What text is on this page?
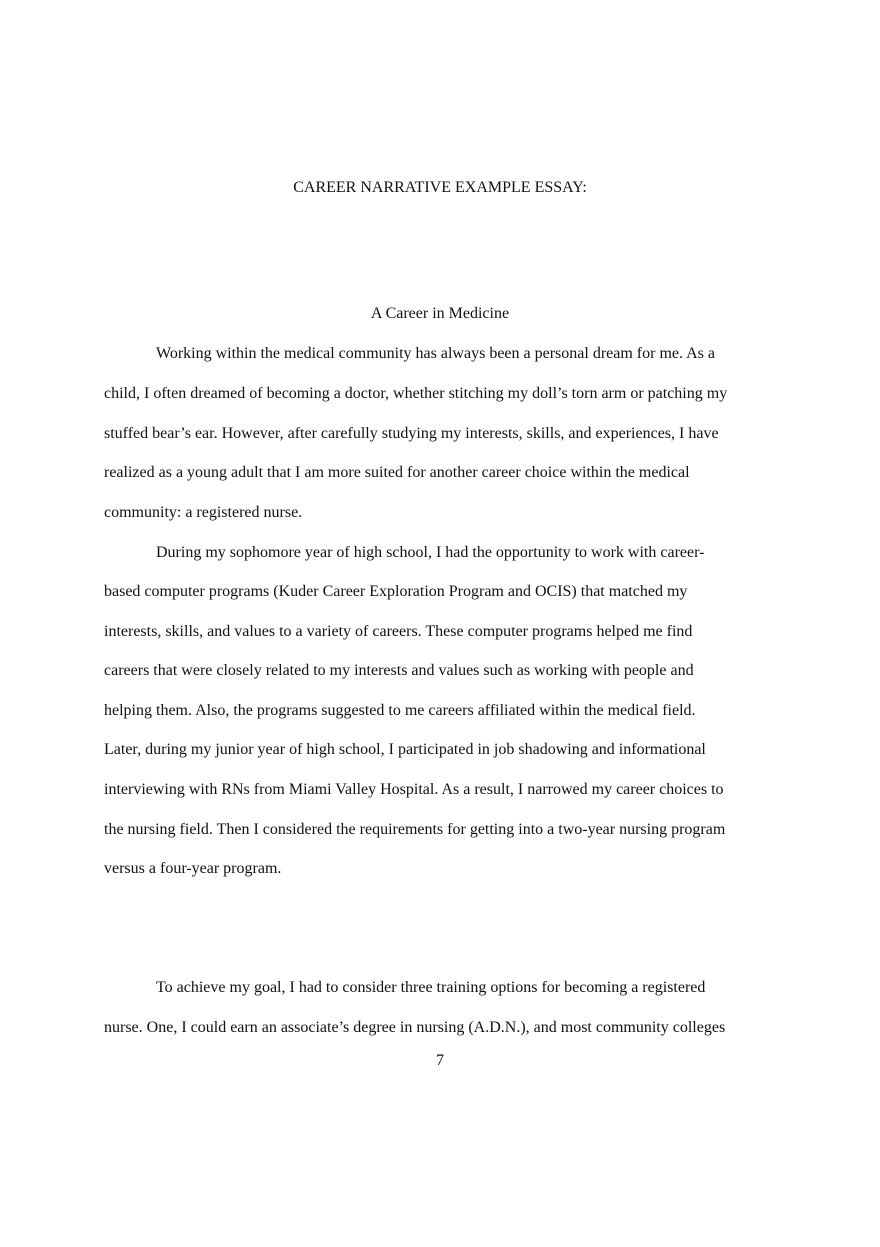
CAREER NARRATIVE EXAMPLE ESSAY:

A Career in Medicine

Working within the medical community has always been a personal dream for me. As a

child, I often dreamed of becoming a doctor, whether stitching my doll’s torn arm or patching my

stuffed bear’s ear. However, after carefully studying my interests, skills, and experiences, I have

realized as a young adult that I am more suited for another career choice within the medical

community: a registered nurse.

During my sophomore year of high school, I had the opportunity to work with career-

based computer programs (Kuder Career Exploration Program and OCIS) that matched my

interests, skills, and values to a variety of careers. These computer programs helped me find

careers that were closely related to my interests and values such as working with people and

helping them. Also, the programs suggested to me careers affiliated within the medical field.

Later, during my junior year of high school, I participated in job shadowing and informational

interviewing with RNs from Miami Valley Hospital. As a result, I narrowed my career choices to

the nursing field. Then I considered the requirements for getting into a two-year nursing program

versus a four-year program.

To achieve my goal, I had to consider three training options for becoming a registered

nurse. One, I could earn an associate’s degree in nursing (A.D.N.), and most community colleges

7
